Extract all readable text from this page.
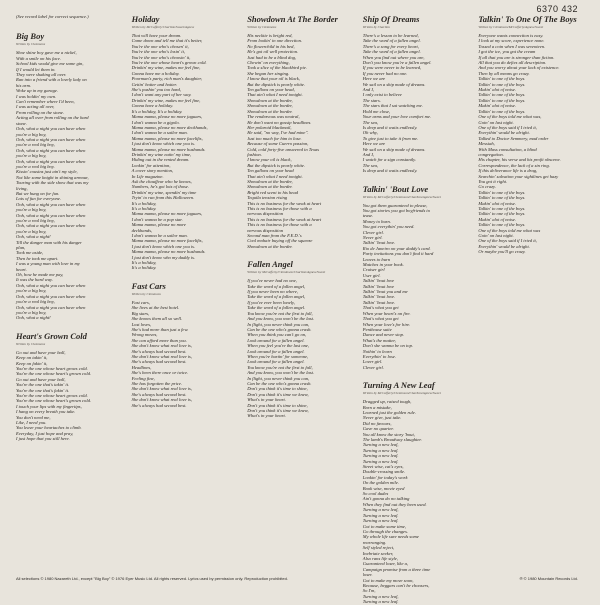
6370 432
(See record label for correct sequence.)
Big Boy
Written by Clemmons
Shoe shine boy gave me a nickel,
With a smile on his face.
School kids would give me some gin,
If I would let them in.
They were shaking all over.
Ran into a friend with a lovely lady on
his arm.
Woke up in my garage.
I was holdin' my own.
Can't remember where I'd been,
I was acting all over,
From rolling on the stone.
Acting all over from rolling on the hard
stone.
Ooh, what a night you can have when
you're a big boy,
Ooh, what a night you can have when
you're a real big boy,
Ooh, what a night you can have when
you're a big boy,
Ooh, what a night you can have when
you're a real big boy.
Kissin' cousins just ain't my style,
Not like some knight in shining armour,
Touring with the side show that was my
living,
But we hung on for fun.
Lots of fun for everyone.
Ooh, what a night you can have when
you're a big boy,
Ooh, what a night you can have when
you're a real big boy,
Ooh, what a night you can have when
you're a big boy,
Ooh, what a night!
Till the danger man with his danger
plan,
Took me aside,
Then he took me apart.
I was a young man with love in my
heart.
Oh, how he made me pay,
It was the hard way.
Ooh, what a night you can have when
you're a big boy,
Ooh, what a night you can have when
you're a real big boy,
Ooh, what a night you can have when
you're a big boy,
Ooh, what a night!
Heart's Grown Cold
Written by Clemmons
Go out and have your ball,
Keep on takin' it,
Keep on fakin' it,
You're the one whose heart grows cold.
You're the one whose heart's grown cold.
Go out and have your ball,
You're the one that's takin' it.
You're the one that's fakin' it.
You're the one whose heart grows cold.
You're the one whose heart's grown cold.
I touch your lips with my fingertips,
I hang on every breath you take.
You don't need me,
Like, I need you.
You leave your heartaches to climb.
Everyday, I just hope and pray,
I just hope that you still here.
Holiday
Written by McCafferty/Charlton/Sweet/Agnew
That will have your dream.
Come down and tell me that it's better,
You're the one who's chosen' it,
You're the one who's losin' it,
You're the one who's choosin' it,
You're the one whose heart's grown cold.
Drinkin' my wine, makes me feel fine,
Gonna have me a holiday.
Poorman's party, rich man's daughter,
Gettin' hotter and hotter.
She's pushin' you too hard,
I don't want any part of her way.
Drinkin' my wine, makes me feel fine,
Gonna have a holiday.
It's a holiday, It's a holiday.
Mama mama, please no more jaguars,
I don't wanna be a gigolo.
Mama mama, please no more deckhands,
I don't wanna be a sailor man.
Mama mama, please no more facelifts,
I just don't know which one you is.
Mama mama, please no more husbands.
Drinkin' my wine eatin' my time,
Hiding out in the rented dream.
Lookin' for attention,
A cover story mention,
In Life magazine.
Ask the chauffeur who he knows,
Numbers, he's got lots of those.
Drinkin' my wine, spendin' my time
Tryin' to run from this Halloween.
It's a holiday,
It's a holiday.
Mama mama, please no more jaguars,
I don't wanna be a pop star.
Mama mama, please no more
deckhands,
I don't wanna be a sailor man.
Mama mama, please no more facelifts,
I just don't know which one you is.
Mama mama, please no more husbands.
I just don't know who my daddy is.
It's a holiday,
It's a holiday.
Fast Cars
Written by Clemmons
Fast cars,
She lives at the best hotel.
Big stars,
She knows them all so well.
Lost loves,
She's had more than just a few.
Wrong moves,
She can afford more than you.
She don't know what real love is,
She's always had second best.
She don't know what real love is,
She's always had second best.
Headlines,
She's been there once or twice.
Feeling fine,
She has forgotten the price.
She don't know what real love is,
She's always had second best.
She don't know what real love is,
She's always had second best.
Showdown At The Border
Written by Clemmons
His necktie is bright red,
From lookin' in one direction.
No flowerchild in his bed,
He's got oil well protection.
Just had to be a blind dog,
Chewin' on everything,
Took a slice of the blackbird pie.
She began her singing.
I know that your oil is black,
But the dipstick is pearly white.
Ten gallons on your head,
That ain't what I need tonight.
Showdown at the border,
Showdown at the border,
Showdown at the border.
The rendezvous was neutral,
He don't want no gossip headlines.
Her polaroid blackmail,
He said, "no way, I've had mine".
Just too much for him to lose.
Because of some Cuerro passion,
Cold, cold forty-five answered in Texas
fashion.
I know your oil is black,
But the dipstick is pearly white.
Ten gallons on your head
That ain't what I need tonight.
Showdown at the border,
Showdown at the border.
Bright red scent to his head
Tequila tension rising
This is no business for the weak at heart
This is no business for those with a
nervous disposition
This is no business for the weak at heart
This is no business for those with a
nervous disposition
Second man from the F.E.D.'s
Cool mohair buying off the squeeze
Showdown at the border.
Fallen Angel
Written by McCafferty/Cleminson/Charlton/Agnew/Sweet
If you've never had no one,
Take the word of a fallen angel,
If you never been no where,
Take the word of a fallen angel,
If you've ever been lonely,
Take the word of a fallen angel.
You know you're not the first to fall,
And you know, you won't be the last.
In flight, you never think you can,
Can be the one who's gonna crash.
When you think you can't go on,
Look around for a fallen angel.
When you feel you're the last one,
Look around for a fallen angel.
When you're hurtin' for someone,
Look around for a fallen angel.
You know you're not the first to fall,
And you know, you won't be the last.
In flight, you never think you can,
Can be the one who's gonna crash.
Don't you think it's time to shine,
Don't you think it's time we knew,
What's in your heart.
Don't you think it's time to shine,
Don't you think it's time we knew,
What's in your heart.
Ship Of Dreams
Written by Charlton
There's a lesson to be learned,
Take the word of a fallen angel.
There's a song for every heart,
Take the word of a fallen angel.
When you find out where you are,
Don't you know you're a fallen angel.
If you were never to be learned,
If you never had no one.
Here we are
We sail on a ship made of dreams.
And I,
I only exist to believe
The stars.
The stars that I sat watching me.
Hold me close,
Your arms and your love comfort me.
The sea,
Is deep and it waits endlessly.
Oh why,
To give just to take it from me.
Here we are
We sail on a ship made of dreams.
And I,
I watch for a sign constantly.
The sea,
Is deep and it waits endlessly.
Talkin' 'Bout Love
Written by McCafferty/Cleminson/Charlton/Agnew/Sweet
You got them guaranteed to please,
You got stories you got boyfriends to
tease.
Money to burn.
You got everythin' you need.
Clever girl.
Never girl.
Talkin' 'bout love.
Rio de Janeiro on your daddy's card.
Party invitations you don't find it hard
Leaves to burn
Matches in your book.
Cruiser girl
User girl.
Talkin' 'bout love
Talkin' 'bout love
Talkin' 'bout you and me
Talkin' 'bout love.
Talkin' 'bout love.
That's what you get
When your heart's on fire.
That's what you get
When your love's for hire.
Penthouse suite
Dance and never stop.
What's the matter,
Don't she wanna be on top.
Nothin' to learn
Everythin' to lose.
Lover girl.
Clever girl.
Turning A New Leaf
Written by McCafferty/Cleminson/Charlton/Agnew/Sweet
Dragged up, raised tough,
Born a mistake,
Learned just the golden rule.
Never give, just take.
Did no favours,
Gave no quarter.
You all know the story 'bout,
The lamb's Broadway slaughter.
Turning a new leaf,
Turning a new leaf.
Turning a new leaf.
Turning a new leaf.
Street wise, cat's eyes,
Double-crossing smile.
Lookin' for today's work
On the golden mile.
Book wise, movie eyed
So cool dudes
Ain't gonna do no talking
When they find out they been used.
Turning a new leaf,
Turning a new leaf.
Turning a new leaf.
Got to make some time,
Go through the changes.
My whole life sure needs some
rearranging.
Self styled reject,
Inebriate seeker,
Also rans life style,
Guaranteed loser, like a,
Campaign promise from a three time
loser.
Got to make my move soon,
Because, beggars can't be choosers,
So I'm,
Turning a new leaf,
Turning a new leaf.
Talkin' To One Of The Boys
Written by Cleminson/McCafferty/Agnew/Sweet
Everyone wants connection is easy.
I look at my score, experience none.
Tossed a coin when I was seventeen.
I got the ice, you got the cream
If all that you are is stronger than fiction.
All that you do defies all description.
And you worry about your lack of existence.
Then by all means go crazy.
Talkin' to one of the boys.
Talkin' to one of the boys.
Makin' alot of noise.
Talkin' to one of the boys.
Talkin' to one of the boys.
Makin' alot of noise.
Talkin' to one of the boys.
One of the boys told me what was,
Goin' on last night.
One of the boys said if I tried it,
Everythin' would be alright.
Talked to Doctor Semmery, mad order
Messiah,
With Mass consultation, a blind
congregation.
His chapter, his verse and his profit obscene.
Correspondence, the lack of a sin ring.
If this deliverance life is a drag,
Searchin' salvation your sightlines get hazy
You got it right.
Go crazy.
Talkin' to one of the boys.
Talkin' to one of the boys.
Makin' alot of noise.
Talkin' to one of the boys.
Talkin' to one of the boys.
Makin' alot of noise.
Talkin' to one of the boys.
One of the boys told me what was
Goin' on last night.
One of the boys said if I tried it,
Everythin' would be alright.
Or maybe you'll go crazy.
All selections © 1980 Nazareth Ltd., except "Big Boy" © 1976 Eyer Music Ltd. All rights reserved. Lyrics used by permission only. Reproduction prohibited.	℗ © 1980 Mountain Records Ltd.
